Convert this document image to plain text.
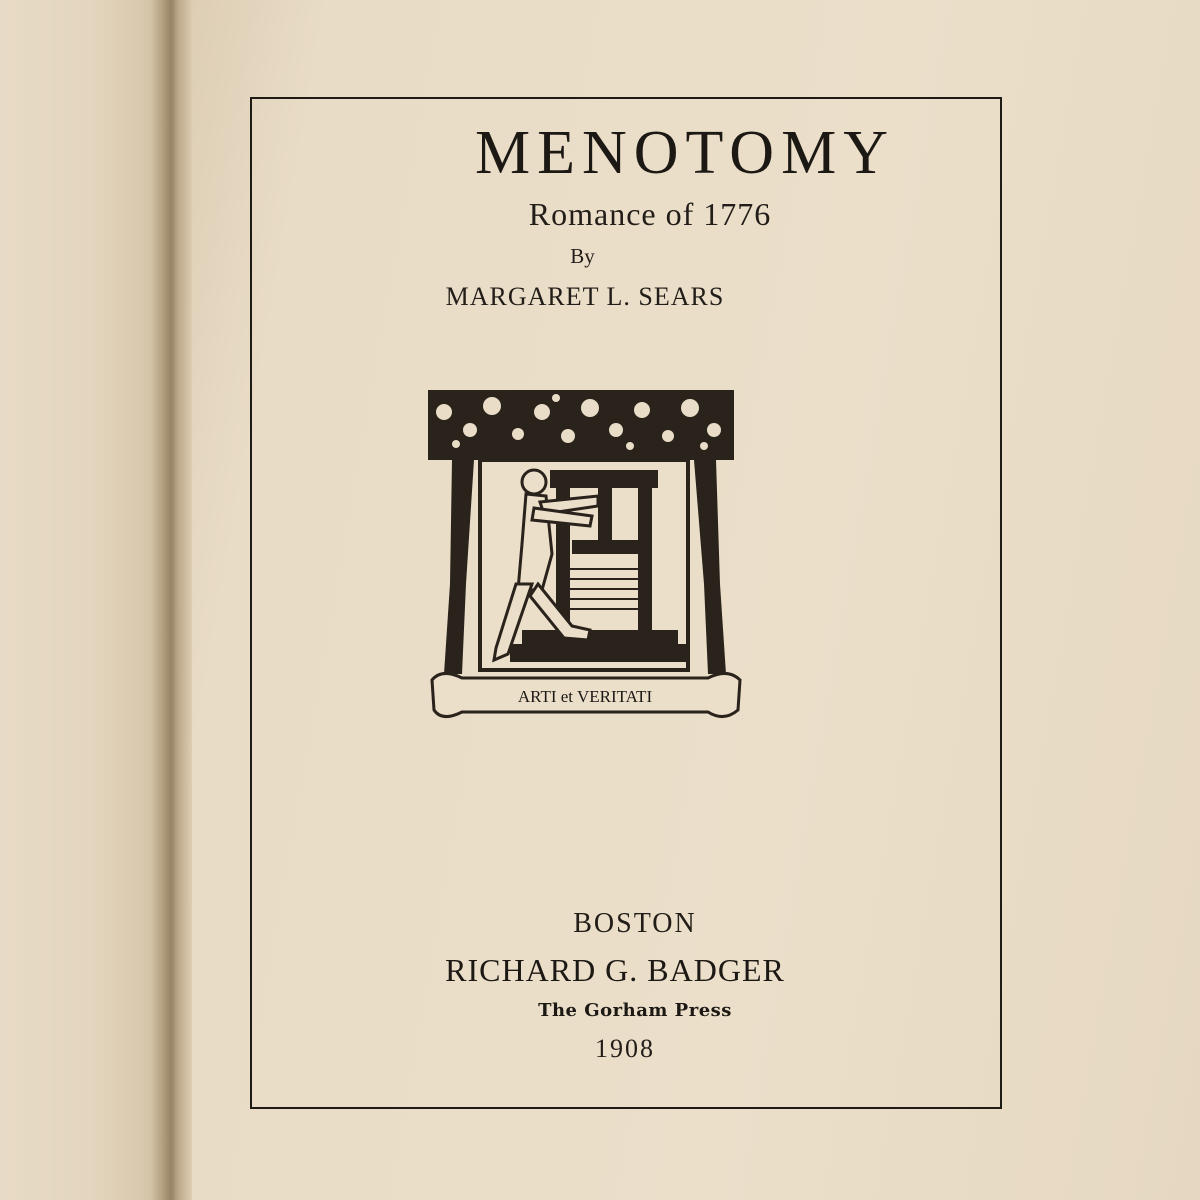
MENOTOMY

Romance of 1776

By

MARGARET L. SEARS

ARTI et VERITATI

BOSTON

RICHARD G. BADGER

The Gorham Press

1908
